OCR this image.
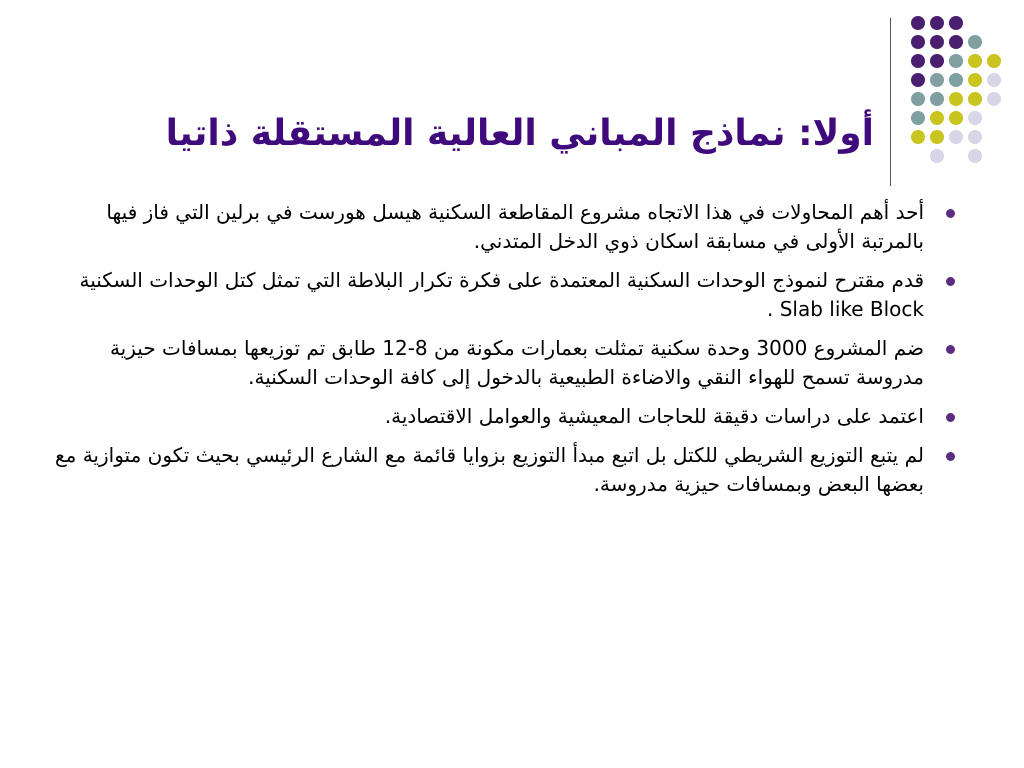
أولا: نماذج المباني العالية المستقلة ذاتيا
أحد أهم المحاولات في هذا الاتجاه مشروع المقاطعة السكنية هيسل هورست في برلين التي فاز فيها بالمرتبة الأولى في مسابقة اسكان ذوي الدخل المتدني.
قدم مقترح لنموذج الوحدات السكنية المعتمدة على فكرة تكرار البلاطة التي تمثل كتل الوحدات السكنية Slab like Block .
ضم المشروع 3000 وحدة سكنية تمثلت بعمارات مكونة من 8-12 طابق تم توزيعها بمسافات حيزية مدروسة تسمح للهواء النقي والاضاءة الطبيعية بالدخول إلى كافة الوحدات السكنية.
اعتمد على دراسات دقيقة للحاجات المعيشية والعوامل الاقتصادية.
لم يتبع التوزيع الشريطي للكتل بل اتبع مبدأ التوزيع بزوايا قائمة مع الشارع الرئيسي بحيث تكون متوازية مع بعضها البعض وبمسافات حيزية مدروسة.
